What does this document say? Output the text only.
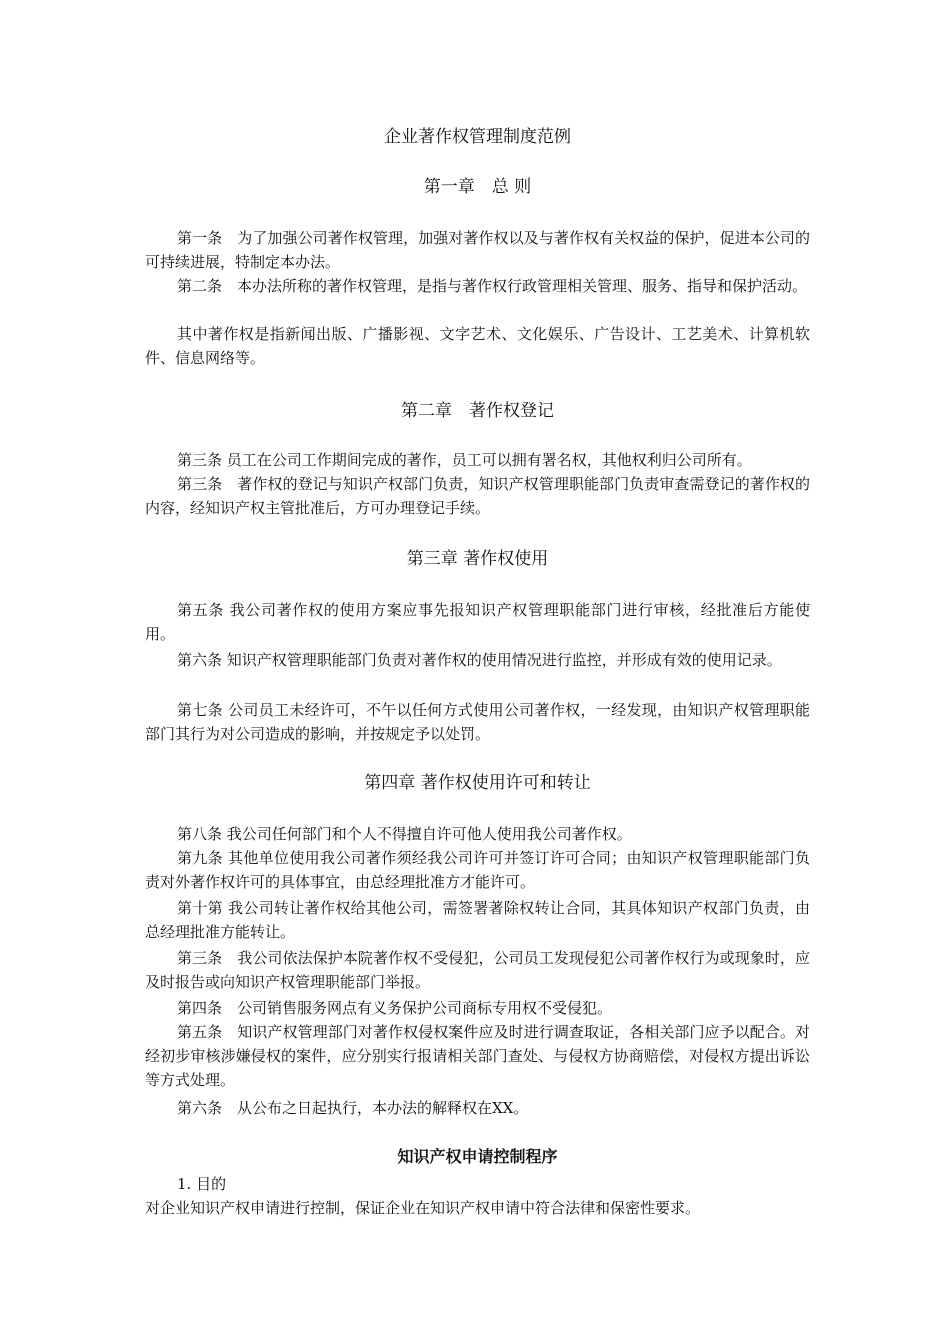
企业著作权管理制度范例
第一章　总 则

第一条　为了加强公司著作权管理，加强对著作权以及与著作权有关权益的保护，促进本公司的可持续进展，特制定本办法。

第二条　本办法所称的著作权管理，是指与著作权行政管理相关管理、服务、指导和保护活动。

其中著作权是指新闻出版、广播影视、文字艺术、文化娱乐、广告设计、工艺美术、计算机软件、信息网络等。

第二章　著作权登记

第三条 员工在公司工作期间完成的著作，员工可以拥有署名权，其他权利归公司所有。

第三条　著作权的登记与知识产权部门负责，知识产权管理职能部门负责审查需登记的著作权的内容，经知识产权主管批准后，方可办理登记手续。

第三章 著作权使用

第五条 我公司著作权的使用方案应事先报知识产权管理职能部门进行审核，经批准后方能使用。

第六条 知识产权管理职能部门负责对著作权的使用情况进行监控，并形成有效的使用记录。

第七条 公司员工未经许可，不午以任何方式使用公司著作权，一经发现，由知识产权管理职能部门其行为对公司造成的影响，并按规定予以处罚。

第四章 著作权使用许可和转让

第八条 我公司任何部门和个人不得擅自许可他人使用我公司著作权。

第九条 其他单位使用我公司著作须经我公司许可并签订许可合同；由知识产权管理职能部门负责对外著作权许可的具体事宜，由总经理批准方才能许可。

第十第 我公司转让著作权给其他公司，需签署著除权转让合同，其具体知识产权部门负责，由总经理批准方能转让。

第三条　我公司依法保护本院著作权不受侵犯，公司员工发现侵犯公司著作权行为或现象时，应及时报告或向知识产权管理职能部门举报。

第四条　公司销售服务网点有义务保护公司商标专用权不受侵犯。

第五条　知识产权管理部门对著作权侵权案件应及时进行调查取证，各相关部门应予以配合。对经初步审核涉嫌侵权的案件，应分别实行报请相关部门查处、与侵权方协商赔偿，对侵权方提出诉讼等方式处理。

第六条　从公布之日起执行，本办法的解释权在XX。

知识产权申请控制程序

1. 目的

对企业知识产权申请进行控制，保证企业在知识产权申请中符合法律和保密性要求。
